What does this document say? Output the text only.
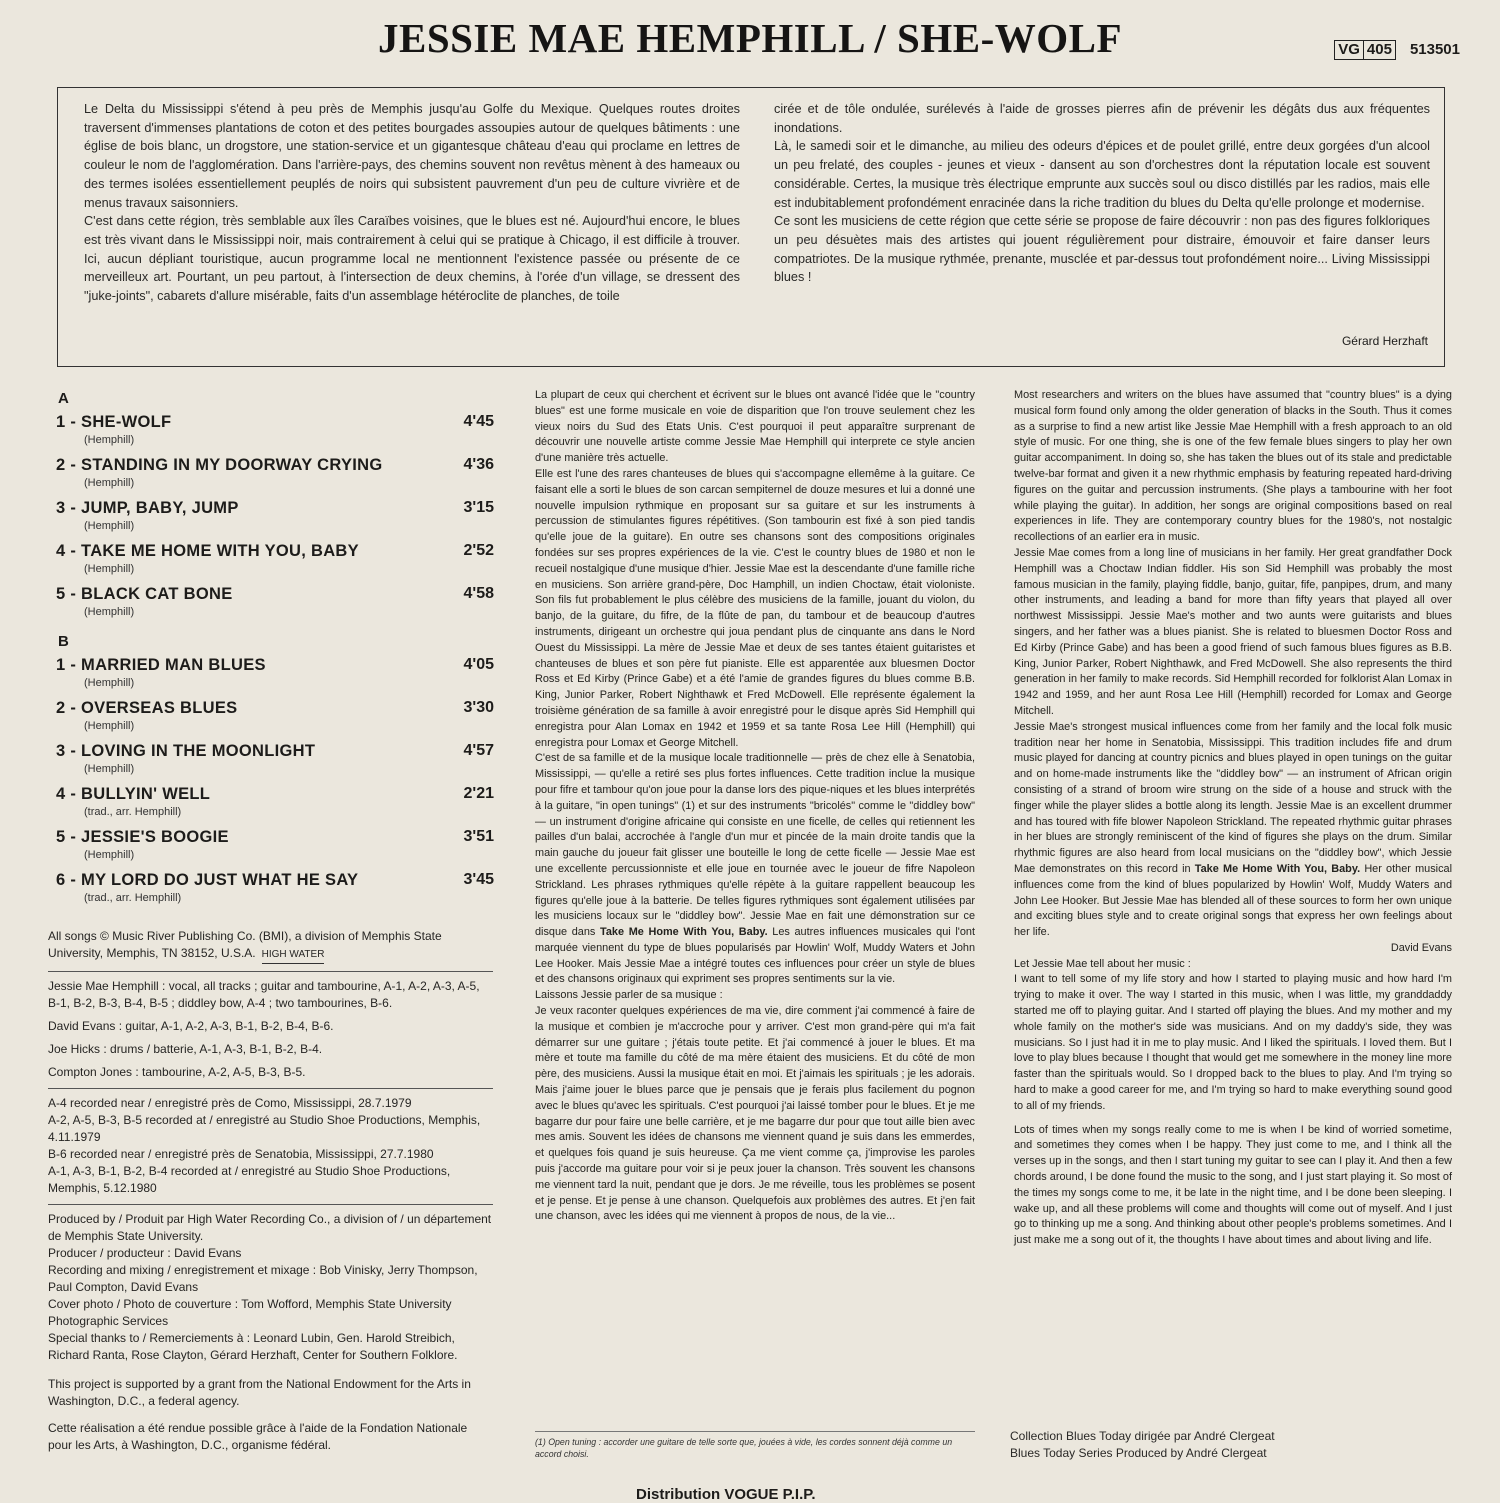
JESSIE MAE HEMPHILL / SHE-WOLF	VG 405 513501

Le Delta du Mississippi s'étend à peu près de Memphis jusqu'au Golfe du Mexique. Quelques routes droites traversent d'immenses plantations de coton et des petites bourgades assoupies autour de quelques bâtiments : une église de bois blanc, un drogstore, une station-service et un gigantesque château d'eau qui proclame en lettres de couleur le nom de l'agglomération. Dans l'arrière-pays, des chemins souvent non revêtus mènent à des hameaux ou des termes isolées essentiellement peuplés de noirs qui subsistent pauvrement d'un peu de culture vivrière et de menus travaux saisonniers.

C'est dans cette région, très semblable aux îles Caraïbes voisines, que le blues est né. Aujourd'hui encore, le blues est très vivant dans le Mississippi noir, mais contrairement à celui qui se pratique à Chicago, il est difficile à trouver. Ici, aucun dépliant touristique, aucun programme local ne mentionnent l'existence passée ou présente de ce merveilleux art. Pourtant, un peu partout, à l'intersection de deux chemins, à l'orée d'un village, se dressent des "juke-joints", cabarets d'allure misérable, faits d'un assemblage hétéroclite de planches, de toile

cirée et de tôle ondulée, surélevés à l'aide de grosses pierres afin de prévenir les dégâts dus aux fréquentes inondations.

Là, le samedi soir et le dimanche, au milieu des odeurs d'épices et de poulet grillé, entre deux gorgées d'un alcool un peu frelaté, des couples - jeunes et vieux - dansent au son d'orchestres dont la réputation locale est souvent considérable. Certes, la musique très électrique emprunte aux succès soul ou disco distillés par les radios, mais elle est indubitablement profondément enracinée dans la riche tradition du blues du Delta qu'elle prolonge et modernise.

Ce sont les musiciens de cette région que cette série se propose de faire découvrir : non pas des figures folkloriques un peu désuètes mais des artistes qui jouent régulièrement pour distraire, émouvoir et faire danser leurs compatriotes. De la musique rythmée, prenante, musclée et par-dessus tout profondément noire... Living Mississippi blues !

Gérard Herzhaft
A
1 - SHE-WOLF	4'45
(Hemphill)
2 - STANDING IN MY DOORWAY CRYING	4'36
(Hemphill)
3 - JUMP, BABY, JUMP	3'15
(Hemphill)
4 - TAKE ME HOME WITH YOU, BABY	2'52
(Hemphill)
5 - BLACK CAT BONE	4'58
(Hemphill)
B
1 - MARRIED MAN BLUES	4'05
(Hemphill)
2 - OVERSEAS BLUES	3'30
(Hemphill)
3 - LOVING IN THE MOONLIGHT	4'57
(Hemphill)
4 - BULLYIN' WELL	2'21
(trad., arr. Hemphill)
5 - JESSIE'S BOOGIE	3'51
(Hemphill)
6 - MY LORD DO JUST WHAT HE SAY	3'45
(trad., arr. Hemphill)

All songs © Music River Publishing Co. (BMI), a division of Memphis State University, Memphis, TN 38152, U.S.A. HIGH WATER

Jessie Mae Hemphill : vocal, all tracks ; guitar and tambourine, A-1, A-2, A-3, A-5, B-1, B-2, B-3, B-4, B-5 ; diddley bow, A-4 ; two tambourines, B-6.

David Evans : guitar, A-1, A-2, A-3, B-1, B-2, B-4, B-6.

Joe Hicks : drums / batterie, A-1, A-3, B-1, B-2, B-4.

Compton Jones : tambourine, A-2, A-5, B-3, B-5.

A-4 recorded near / enregistré près de Como, Mississippi, 28.7.1979

A-2, A-5, B-3, B-5 recorded at / enregistré au Studio Shoe Productions, Memphis, 4.11.1979

B-6 recorded near / enregistré près de Senatobia, Mississippi, 27.7.1980

A-1, A-3, B-1, B-2, B-4 recorded at / enregistré au Studio Shoe Productions, Memphis, 5.12.1980

Produced by / Produit par High Water Recording Co., a division of / un département de Memphis State University.

Producer / producteur : David Evans

Recording and mixing / enregistrement et mixage : Bob Vinisky, Jerry Thompson, Paul Compton, David Evans

Cover photo / Photo de couverture : Tom Wofford, Memphis State University Photographic Services

Special thanks to / Remerciements à : Leonard Lubin, Gen. Harold Streibich, Richard Ranta, Rose Clayton, Gérard Herzhaft, Center for Southern Folklore.

This project is supported by a grant from the National Endowment for the Arts in Washington, D.C., a federal agency.

Cette réalisation a été rendue possible grâce à l'aide de la Fondation Nationale pour les Arts, à Washington, D.C., organisme fédéral.

La plupart de ceux qui cherchent et écrivent sur le blues ont avancé l'idée que le "country blues" est une forme musicale en voie de disparition que l'on trouve seulement chez les vieux noirs du Sud des Etats Unis. C'est pourquoi il peut apparaître surprenant de découvrir une nouvelle artiste comme Jessie Mae Hemphill qui interprete ce style ancien d'une manière très actuelle.

Elle est l'une des rares chanteuses de blues qui s'accompagne ellemême à la guitare. Ce faisant elle a sorti le blues de son carcan sempiternel de douze mesures et lui a donné une nouvelle impulsion rythmique en proposant sur sa guitare et sur les instruments à percussion de stimulantes figures répétitives. (Son tambourin est fixé à son pied tandis qu'elle joue de la guitare). En outre ses chansons sont des compositions originales fondées sur ses propres expériences de la vie. C'est le country blues de 1980 et non le recueil nostalgique d'une musique d'hier. Jessie Mae est la descendante d'une famille riche en musiciens. Son arrière grand-père, Doc Hamphill, un indien Choctaw, était violoniste. Son fils fut probablement le plus célèbre des musiciens de la famille, jouant du violon, du banjo, de la guitare, du fifre, de la flûte de pan, du tambour et de beaucoup d'autres instruments, dirigeant un orchestre qui joua pendant plus de cinquante ans dans le Nord Ouest du Mississippi. La mère de Jessie Mae et deux de ses tantes étaient guitaristes et chanteuses de blues et son père fut pianiste. Elle est apparentée aux bluesmen Doctor Ross et Ed Kirby (Prince Gabe) et a été l'amie de grandes figures du blues comme B.B. King, Junior Parker, Robert Nighthawk et Fred McDowell. Elle représente également la troisième génération de sa famille à avoir enregistré pour le disque après Sid Hemphill qui enregistra pour Alan Lomax en 1942 et 1959 et sa tante Rosa Lee Hill (Hemphill) qui enregistra pour Lomax et George Mitchell.

C'est de sa famille et de la musique locale traditionnelle — près de chez elle à Senatobia, Mississippi, — qu'elle a retiré ses plus fortes influences. Cette tradition inclue la musique pour fifre et tambour qu'on joue pour la danse lors des pique-niques et les blues interprétés à la guitare, "in open tunings" (1) et sur des instruments "bricolés" comme le "diddley bow" — un instrument d'origine africaine qui consiste en une ficelle, de celles qui retiennent les pailles d'un balai, accrochée à l'angle d'un mur et pincée de la main droite tandis que la main gauche du joueur fait glisser une bouteille le long de cette ficelle — Jessie Mae est une excellente percussionniste et elle joue en tournée avec le joueur de fifre Napoleon Strickland. Les phrases rythmiques qu'elle répète à la guitare rappellent beaucoup les figures qu'elle joue à la batterie. De telles figures rythmiques sont également utilisées par les musiciens locaux sur le "diddley bow". Jessie Mae en fait une démonstration sur ce disque dans Take Me Home With You, Baby. Les autres influences musicales qui l'ont marquée viennent du type de blues popularisés par Howlin' Wolf, Muddy Waters et John Lee Hooker. Mais Jessie Mae a intégré toutes ces influences pour créer un style de blues et des chansons originaux qui expriment ses propres sentiments sur la vie.

Laissons Jessie parler de sa musique :

Je veux raconter quelques expériences de ma vie, dire comment j'ai commencé à faire de la musique et combien je m'accroche pour y arriver. C'est mon grand-père qui m'a fait démarrer sur une guitare ; j'étais toute petite. Et j'ai commencé à jouer le blues. Et ma mère et toute ma famille du côté de ma mère étaient des musiciens. Et du côté de mon père, des musiciens. Aussi la musique était en moi. Et j'aimais les spirituals ; je les adorais. Mais j'aime jouer le blues parce que je pensais que je ferais plus facilement du pognon avec le blues qu'avec les spirituals. C'est pourquoi j'ai laissé tomber pour le blues. Et je me bagarre dur pour faire une belle carrière, et je me bagarre dur pour que tout aille bien avec mes amis. Souvent les idées de chansons me viennent quand je suis dans les emmerdes, et quelques fois quand je suis heureuse. Ça me vient comme ça, j'improvise les paroles puis j'accorde ma guitare pour voir si je peux jouer la chanson. Très souvent les chansons me viennent tard la nuit, pendant que je dors. Je me réveille, tous les problèmes se posent et je pense. Et je pense à une chanson. Quelquefois aux problèmes des autres. Et j'en fait une chanson, avec les idées qui me viennent à propos de nous, de la vie...

(1) Open tuning : accorder une guitare de telle sorte que, jouées à vide, les cordes sonnent déjà comme un accord choisi.

Most researchers and writers on the blues have assumed that "country blues" is a dying musical form found only among the older generation of blacks in the South. Thus it comes as a surprise to find a new artist like Jessie Mae Hemphill with a fresh approach to an old style of music. For one thing, she is one of the few female blues singers to play her own guitar accompaniment. In doing so, she has taken the blues out of its stale and predictable twelve-bar format and given it a new rhythmic emphasis by featuring repeated hard-driving figures on the guitar and percussion instruments. (She plays a tambourine with her foot while playing the guitar). In addition, her songs are original compositions based on real experiences in life. They are contemporary country blues for the 1980's, not nostalgic recollections of an earlier era in music.

Jessie Mae comes from a long line of musicians in her family. Her great grandfather Dock Hemphill was a Choctaw Indian fiddler. His son Sid Hemphill was probably the most famous musician in the family, playing fiddle, banjo, guitar, fife, panpipes, drum, and many other instruments, and leading a band for more than fifty years that played all over northwest Mississippi. Jessie Mae's mother and two aunts were guitarists and blues singers, and her father was a blues pianist. She is related to bluesmen Doctor Ross and Ed Kirby (Prince Gabe) and has been a good friend of such famous blues figures as B.B. King, Junior Parker, Robert Nighthawk, and Fred McDowell. She also represents the third generation in her family to make records. Sid Hemphill recorded for folklorist Alan Lomax in 1942 and 1959, and her aunt Rosa Lee Hill (Hemphill) recorded for Lomax and George Mitchell.

Jessie Mae's strongest musical influences come from her family and the local folk music tradition near her home in Senatobia, Mississippi. This tradition includes fife and drum music played for dancing at country picnics and blues played in open tunings on the guitar and on home-made instruments like the "diddley bow" — an instrument of African origin consisting of a strand of broom wire strung on the side of a house and struck with the finger while the player slides a bottle along its length. Jessie Mae is an excellent drummer and has toured with fife blower Napoleon Strickland. The repeated rhythmic guitar phrases in her blues are strongly reminiscent of the kind of figures she plays on the drum. Similar rhythmic figures are also heard from local musicians on the "diddley bow", which Jessie Mae demonstrates on this record in Take Me Home With You, Baby. Her other musical influences come from the kind of blues popularized by Howlin' Wolf, Muddy Waters and John Lee Hooker. But Jessie Mae has blended all of these sources to form her own unique and exciting blues style and to create original songs that express her own feelings about her life.

David Evans

Let Jessie Mae tell about her music :

I want to tell some of my life story and how I started to playing music and how hard I'm trying to make it over. The way I started in this music, when I was little, my granddaddy started me off to playing guitar. And I started off playing the blues. And my mother and my whole family on the mother's side was musicians. And on my daddy's side, they was musicians. So I just had it in me to play music. And I liked the spirituals. I loved them. But I love to play blues because I thought that would get me somewhere in the money line more faster than the spirituals would. So I dropped back to the blues to play. And I'm trying so hard to make a good career for me, and I'm trying so hard to make everything sound good to all of my friends.

Lots of times when my songs really come to me is when I be kind of worried sometime, and sometimes they comes when I be happy. They just come to me, and I think all the verses up in the songs, and then I start tuning my guitar to see can I play it. And then a few chords around, I be done found the music to the song, and I just start playing it. So most of the times my songs come to me, it be late in the night time, and I be done been sleeping. I wake up, and all these problems will come and thoughts will come out of myself. And I just go to thinking up me a song. And thinking about other people's problems sometimes. And I just make me a song out of it, the thoughts I have about times and about living and life.

Collection Blues Today dirigée par André Clergeat
Blues Today Series Produced by André Clergeat
Distribution VOGUE P.I.P.
